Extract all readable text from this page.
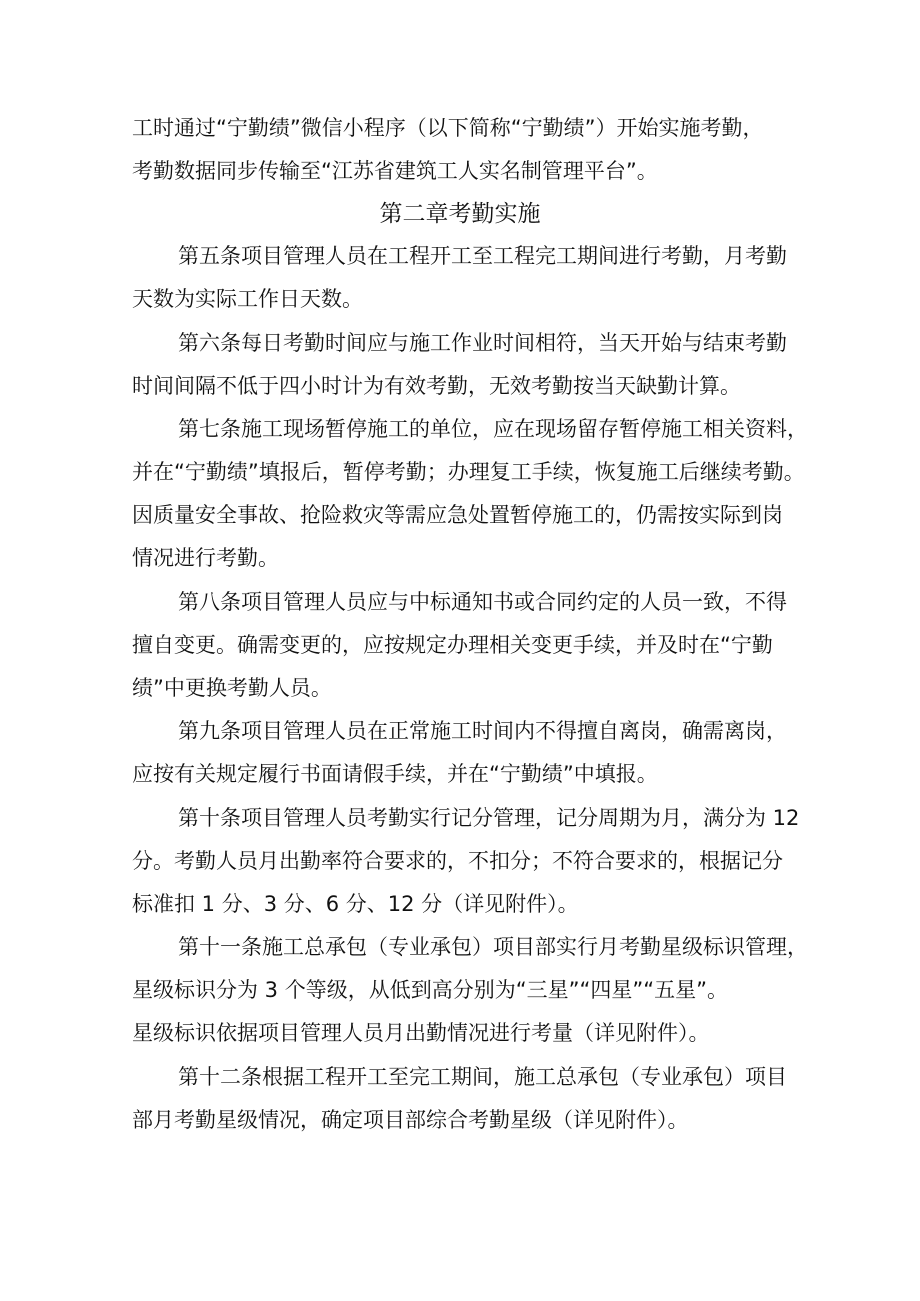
工时通过“宁勤绩”微信小程序（以下简称“宁勤绩”）开始实施考勤，
考勤数据同步传输至“江苏省建筑工人实名制管理平台”。
第二章考勤实施
第五条项目管理人员在工程开工至工程完工期间进行考勤，月考勤
天数为实际工作日天数。
第六条每日考勤时间应与施工作业时间相符，当天开始与结束考勤
时间间隔不低于四小时计为有效考勤，无效考勤按当天缺勤计算。
第七条施工现场暂停施工的单位，应在现场留存暂停施工相关资料，
并在“宁勤绩”填报后，暂停考勤；办理复工手续，恢复施工后继续考勤。
因质量安全事故、抢险救灾等需应急处置暂停施工的，仍需按实际到岗
情况进行考勤。
第八条项目管理人员应与中标通知书或合同约定的人员一致，不得
擅自变更。确需变更的，应按规定办理相关变更手续，并及时在“宁勤
绩”中更换考勤人员。
第九条项目管理人员在正常施工时间内不得擅自离岗，确需离岗，
应按有关规定履行书面请假手续，并在“宁勤绩”中填报。
第十条项目管理人员考勤实行记分管理，记分周期为月，满分为 12
分。考勤人员月出勤率符合要求的，不扣分；不符合要求的，根据记分
标准扣 1 分、3 分、6 分、12 分（详见附件）。
第十一条施工总承包（专业承包）项目部实行月考勤星级标识管理，
星级标识分为 3 个等级，从低到高分别为“三星”“四星”“五星”。
星级标识依据项目管理人员月出勤情况进行考量（详见附件）。
第十二条根据工程开工至完工期间，施工总承包（专业承包）项目
部月考勤星级情况，确定项目部综合考勤星级（详见附件）。
